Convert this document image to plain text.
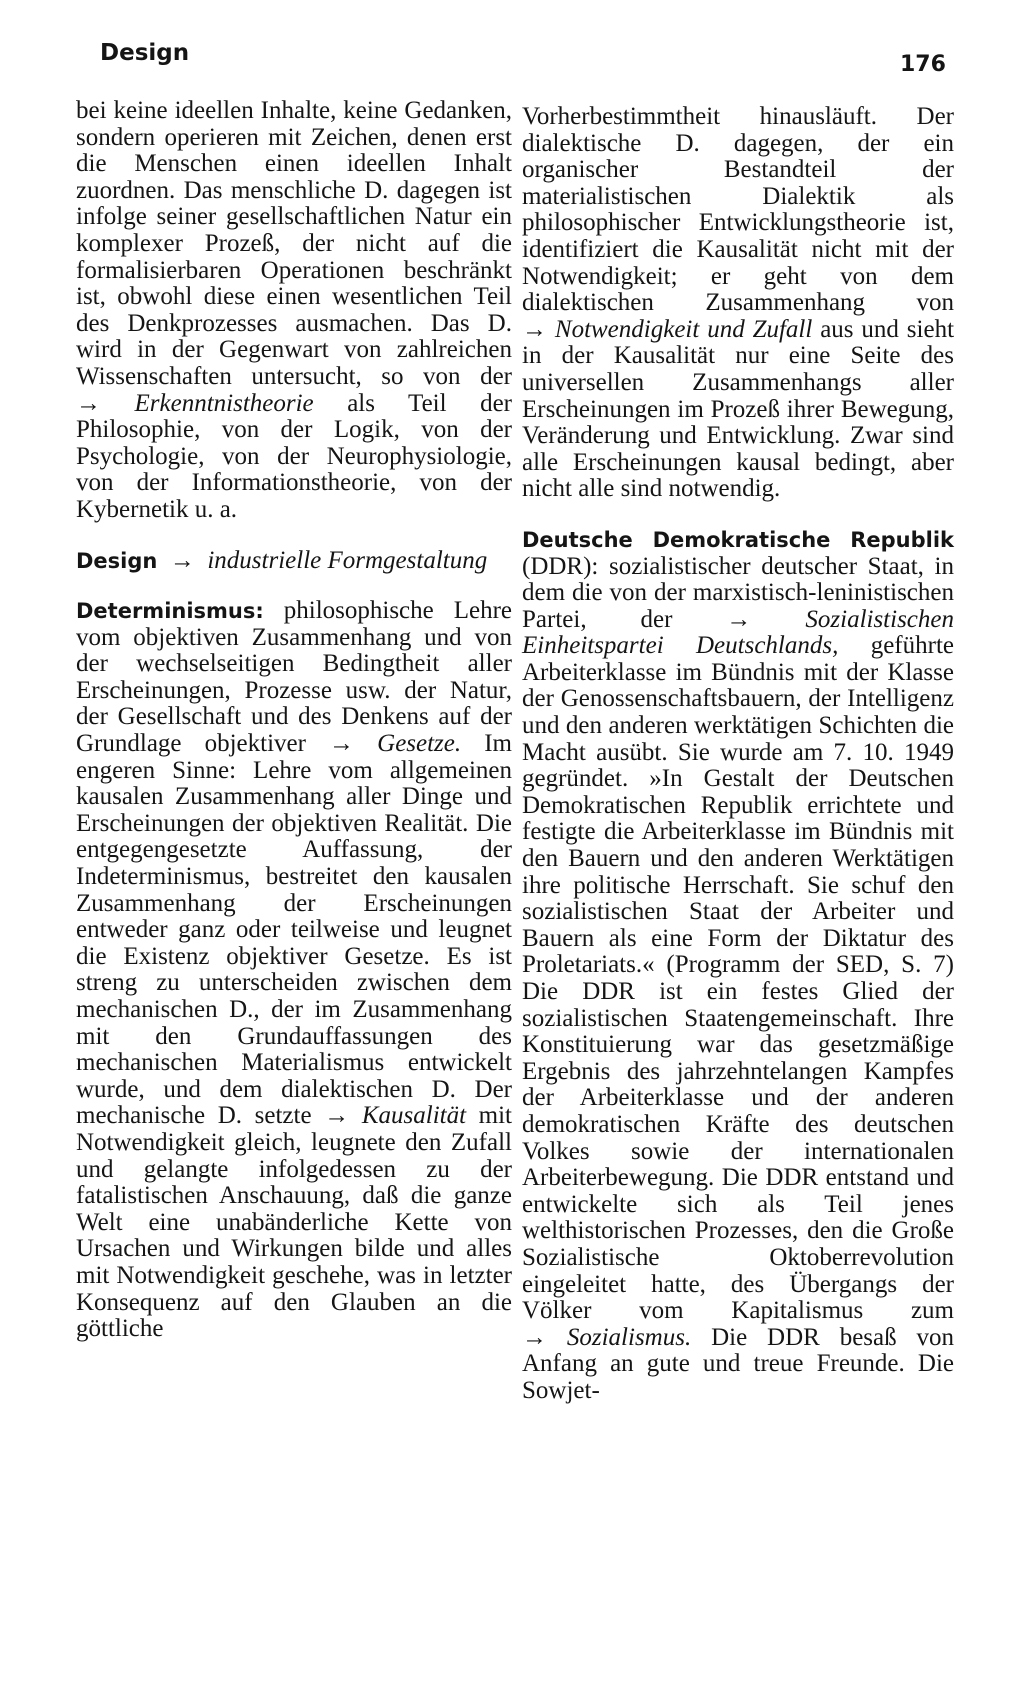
Design	176

bei keine ideellen Inhalte, keine Gedanken, sondern operieren mit Zeichen, denen erst die Menschen einen ideellen Inhalt zuordnen. Das menschliche D. dagegen ist infolge seiner gesellschaftlichen Natur ein komplexer Prozeß, der nicht auf die formalisierbaren Operationen beschränkt ist, obwohl diese einen wesentlichen Teil des Denkprozesses ausmachen. Das D. wird in der Gegenwart von zahlreichen Wissenschaften untersucht, so von der → Erkenntnistheorie als Teil der Philosophie, von der Logik, von der Psychologie, von der Neurophysiologie, von der Informationstheorie, von der Kybernetik u. a.

Design → industrielle Formgestaltung

Determinismus: philosophische Lehre vom objektiven Zusammenhang und von der wechselseitigen Bedingtheit aller Erscheinungen, Prozesse usw. der Natur, der Gesellschaft und des Denkens auf der Grundlage objektiver → Gesetze. Im engeren Sinne: Lehre vom allgemeinen kausalen Zusammenhang aller Dinge und Erscheinungen der objektiven Realität. Die entgegengesetzte Auffassung, der Indeterminismus, bestreitet den kausalen Zusammenhang der Erscheinungen entweder ganz oder teilweise und leugnet die Existenz objektiver Gesetze. Es ist streng zu unterscheiden zwischen dem mechanischen D., der im Zusammenhang mit den Grundauffassungen des mechanischen Materialismus entwickelt wurde, und dem dialektischen D. Der mechanische D. setzte → Kausalität mit Notwendigkeit gleich, leugnete den Zufall und gelangte infolgedessen zu der fatalistischen Anschauung, daß die ganze Welt eine unabänderliche Kette von Ursachen und Wirkungen bilde und alles mit Notwendigkeit geschehe, was in letzter Konsequenz auf den Glauben an die göttliche

Vorherbestimmtheit hinausläuft. Der dialektische D. dagegen, der ein organischer Bestandteil der materialistischen Dialektik als philosophischer Entwicklungstheorie ist, identifiziert die Kausalität nicht mit der Notwendigkeit; er geht von dem dialektischen Zusammenhang von → Notwendigkeit und Zufall aus und sieht in der Kausalität nur eine Seite des universellen Zusammenhangs aller Erscheinungen im Prozeß ihrer Bewegung, Veränderung und Entwicklung. Zwar sind alle Erscheinungen kausal bedingt, aber nicht alle sind notwendig.

Deutsche Demokratische Republik (DDR): sozialistischer deutscher Staat, in dem die von der marxistisch-leninistischen Partei, der → Sozialistischen Einheitspartei Deutschlands, geführte Arbeiterklasse im Bündnis mit der Klasse der Genossenschaftsbauern, der Intelligenz und den anderen werktätigen Schichten die Macht ausübt. Sie wurde am 7. 10. 1949 gegründet. »In Gestalt der Deutschen Demokratischen Republik errichtete und festigte die Arbeiterklasse im Bündnis mit den Bauern und den anderen Werktätigen ihre politische Herrschaft. Sie schuf den sozialistischen Staat der Arbeiter und Bauern als eine Form der Diktatur des Proletariats.« (Programm der SED, S. 7) Die DDR ist ein festes Glied der sozialistischen Staatengemeinschaft. Ihre Konstituierung war das gesetzmäßige Ergebnis des jahrzehntelangen Kampfes der Arbeiterklasse und der anderen demokratischen Kräfte des deutschen Volkes sowie der internationalen Arbeiterbewegung. Die DDR entstand und entwickelte sich als Teil jenes welthistorischen Prozesses, den die Große Sozialistische Oktoberrevolution eingeleitet hatte, des Übergangs der Völker vom Kapitalismus zum → Sozialismus. Die DDR besaß von Anfang an gute und treue Freunde. Die Sowjet-
